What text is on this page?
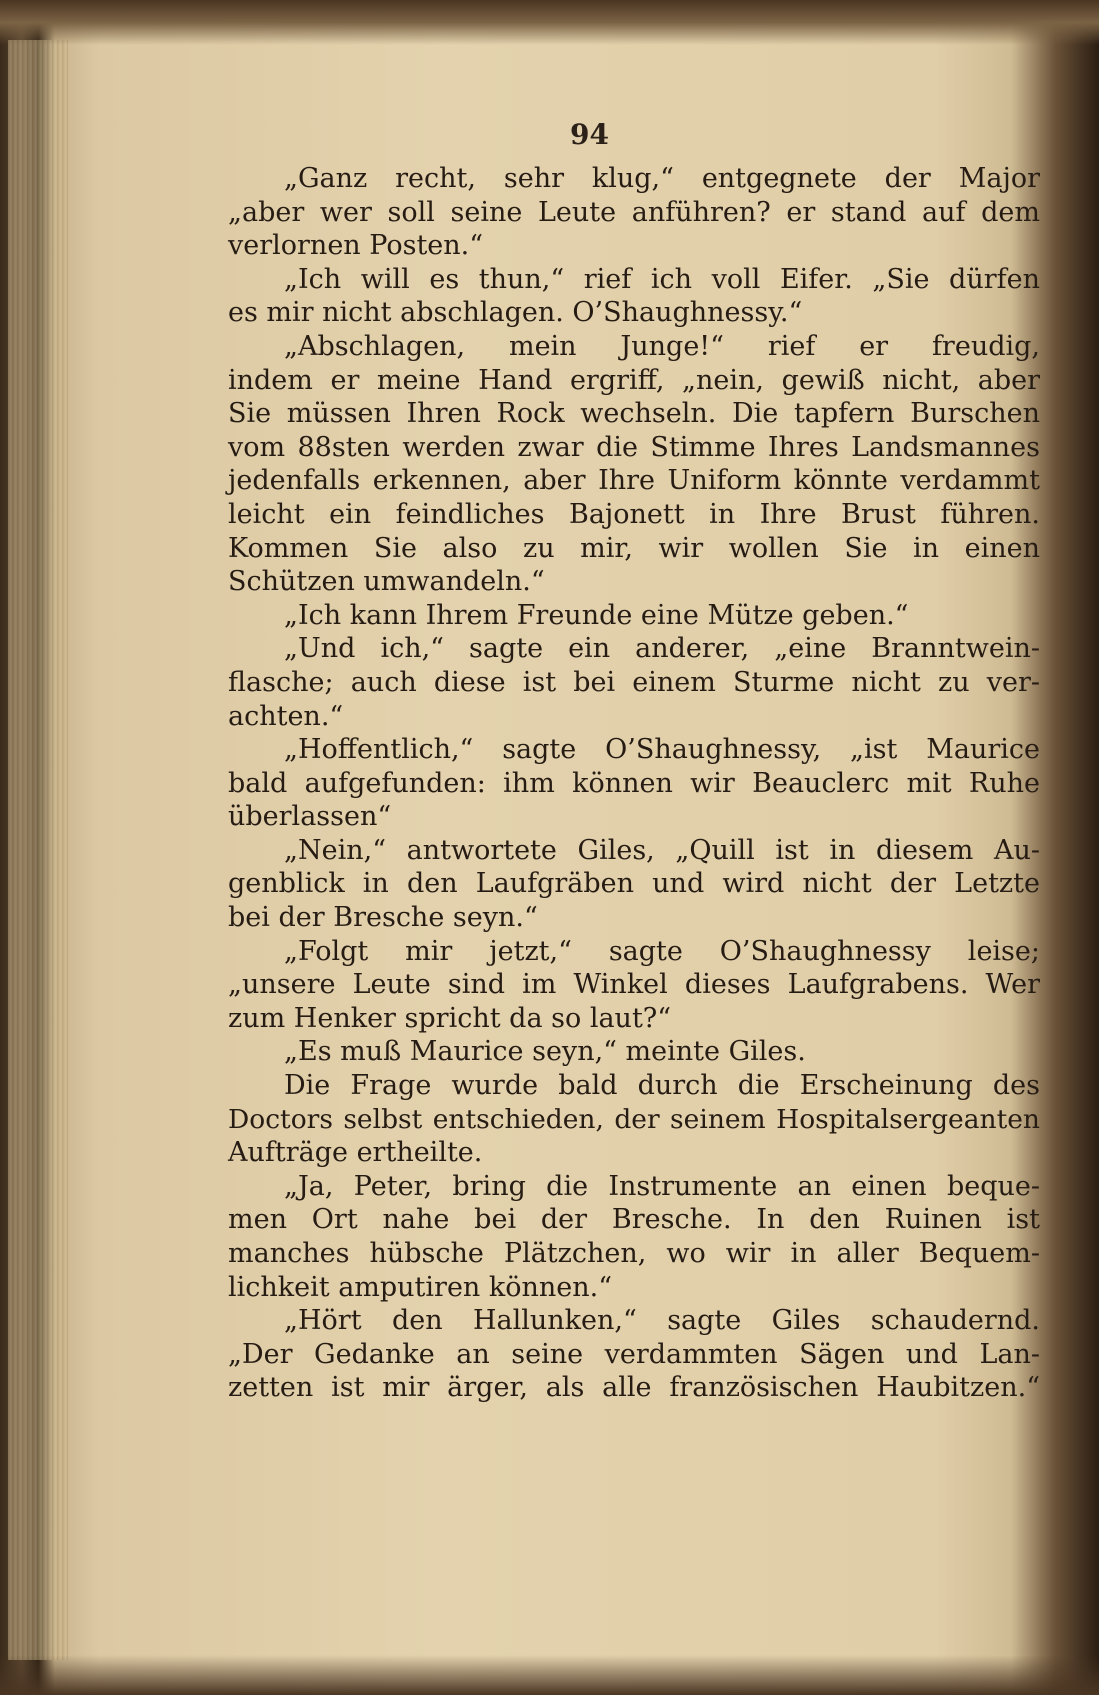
94
„Ganz recht, sehr klug,“ entgegnete der Major
„aber wer soll seine Leute anführen? er stand auf dem
verlornen Posten.“
„Ich will es thun,“ rief ich voll Eifer. „Sie dürfen
es mir nicht abschlagen. O’Shaughnessy.“
„Abschlagen, mein Junge!“ rief er freudig,
indem er meine Hand ergriff, „nein, gewiß nicht, aber
Sie müssen Ihren Rock wechseln. Die tapfern Burschen
vom 88sten werden zwar die Stimme Ihres Landsmannes
jedenfalls erkennen, aber Ihre Uniform könnte verdammt
leicht ein feindliches Bajonett in Ihre Brust führen.
Kommen Sie also zu mir, wir wollen Sie in einen
Schützen umwandeln.“
„Ich kann Ihrem Freunde eine Mütze geben.“
„Und ich,“ sagte ein anderer, „eine Branntwein-
flasche; auch diese ist bei einem Sturme nicht zu ver-
achten.“
„Hoffentlich,“ sagte O’Shaughnessy, „ist Maurice
bald aufgefunden: ihm können wir Beauclerc mit Ruhe
überlassen“
„Nein,“ antwortete Giles, „Quill ist in diesem Au-
genblick in den Laufgräben und wird nicht der Letzte
bei der Bresche seyn.“
„Folgt mir jetzt,“ sagte O’Shaughnessy leise;
„unsere Leute sind im Winkel dieses Laufgrabens. Wer
zum Henker spricht da so laut?“
„Es muß Maurice seyn,“ meinte Giles.
Die Frage wurde bald durch die Erscheinung des
Doctors selbst entschieden, der seinem Hospitalsergeanten
Aufträge ertheilte.
„Ja, Peter, bring die Instrumente an einen beque-
men Ort nahe bei der Bresche. In den Ruinen ist
manches hübsche Plätzchen, wo wir in aller Bequem-
lichkeit amputiren können.“
„Hört den Hallunken,“ sagte Giles schaudernd.
„Der Gedanke an seine verdammten Sägen und Lan-
zetten ist mir ärger, als alle französischen Haubitzen.“
